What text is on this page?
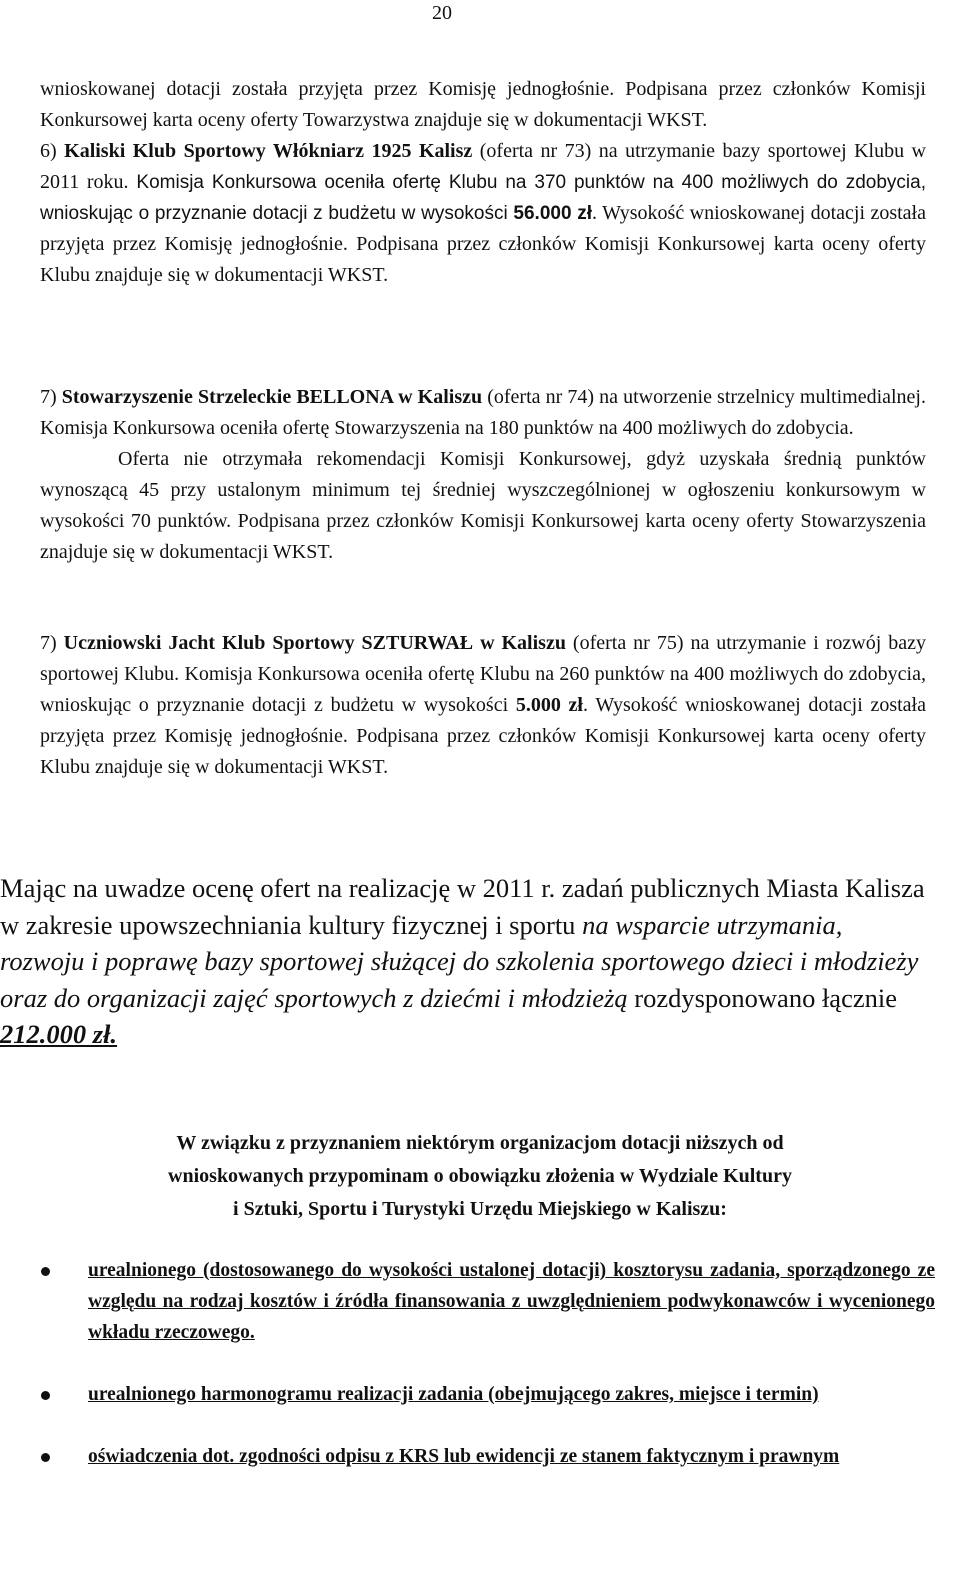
20

wnioskowanej dotacji została przyjęta przez Komisję jednogłośnie. Podpisana przez członków Komisji Konkursowej karta oceny oferty Towarzystwa znajduje się w dokumentacji WKST.
6) Kaliski Klub Sportowy Włókniarz 1925 Kalisz (oferta nr 73) na utrzymanie bazy sportowej Klubu w 2011 roku. Komisja Konkursowa oceniła ofertę Klubu na 370 punktów na 400 możliwych do zdobycia, wnioskując o przyznanie dotacji z budżetu w wysokości 56.000 zł. Wysokość wnioskowanej dotacji została przyjęta przez Komisję jednogłośnie. Podpisana przez członków Komisji Konkursowej karta oceny oferty Klubu znajduje się w dokumentacji WKST.

7) Stowarzyszenie Strzeleckie BELLONA w Kaliszu (oferta nr 74) na utworzenie strzelnicy multimedialnej. Komisja Konkursowa oceniła ofertę Stowarzyszenia na 180 punktów na 400 możliwych do zdobycia.
Oferta nie otrzymała rekomendacji Komisji Konkursowej, gdyż uzyskała średnią punktów wynoszącą 45 przy ustalonym minimum tej średniej wyszczególnionej w ogłoszeniu konkursowym w wysokości 70 punktów. Podpisana przez członków Komisji Konkursowej karta oceny oferty Stowarzyszenia znajduje się w dokumentacji WKST.

7) Uczniowski Jacht Klub Sportowy SZTURWAŁ w Kaliszu (oferta nr 75) na utrzymanie i rozwój bazy sportowej Klubu. Komisja Konkursowa oceniła ofertę Klubu na 260 punktów na 400 możliwych do zdobycia, wnioskując o przyznanie dotacji z budżetu w wysokości 5.000 zł. Wysokość wnioskowanej dotacji została przyjęta przez Komisję jednogłośnie. Podpisana przez członków Komisji Konkursowej karta oceny oferty Klubu znajduje się w dokumentacji WKST.

Mając na uwadze ocenę ofert na realizację w 2011 r. zadań publicznych Miasta Kalisza w zakresie upowszechniania kultury fizycznej i sportu na wsparcie utrzymania, rozwoju i poprawę bazy sportowej służącej do szkolenia sportowego dzieci i młodzieży oraz do organizacji zajęć sportowych z dziećmi i młodzieżą rozdysponowano łącznie 212.000 zł.

W związku z przyznaniem niektórym organizacjom dotacji niższych od
wnioskowanych przypominam o obowiązku złożenia w Wydziale Kultury
i Sztuki, Sportu i Turystyki Urzędu Miejskiego w Kaliszu:

urealnionego (dostosowanego do wysokości ustalonej dotacji) kosztorysu zadania, sporządzonego ze względu na rodzaj kosztów i źródła finansowania z uwzględnieniem podwykonawców i wycenionego wkładu rzeczowego.
urealnionego harmonogramu realizacji zadania (obejmującego zakres, miejsce i termin)
oświadczenia dot. zgodności odpisu z KRS lub ewidencji ze stanem faktycznym i prawnym
